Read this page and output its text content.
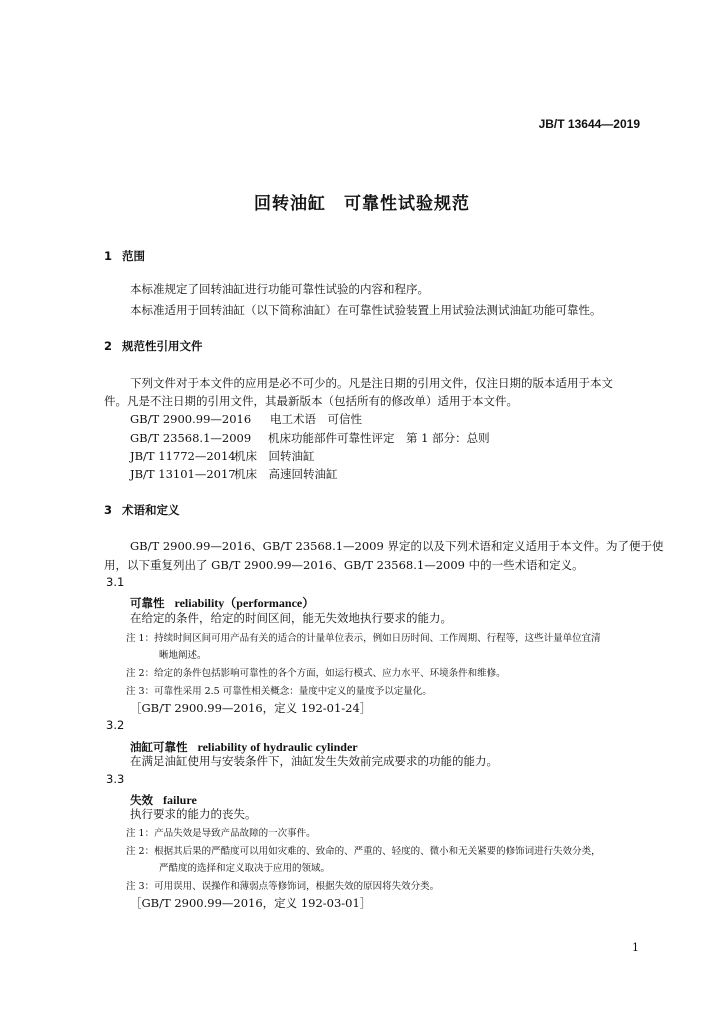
JB/T 13644—2019
回转油缸　可靠性试验规范
1 范围
本标准规定了回转油缸进行功能可靠性试验的内容和程序。
本标准适用于回转油缸（以下简称油缸）在可靠性试验装置上用试验法测试油缸功能可靠性。
2 规范性引用文件
下列文件对于本文件的应用是必不可少的。凡是注日期的引用文件，仅注日期的版本适用于本文
件。凡是不注日期的引用文件，其最新版本（包括所有的修改单）适用于本文件。
GB/T 2900.99—2016 电工术语　可信性
GB/T 23568.1—2009 机床功能部件可靠性评定　第 1 部分：总则
JB/T 11772—2014机床　回转油缸
JB/T 13101—2017机床　高速回转油缸
3 术语和定义
GB/T 2900.99—2016、GB/T 23568.1—2009 界定的以及下列术语和定义适用于本文件。为了便于使
用，以下重复列出了 GB/T 2900.99—2016、GB/T 23568.1—2009 中的一些术语和定义。
3.1
可靠性 reliability（performance）
在给定的条件，给定的时间区间，能无失效地执行要求的能力。
注 1：持续时间区间可用产品有关的适合的计量单位表示，例如日历时间、工作周期、行程等，这些计量单位宜清
晰地阐述。
注 2：给定的条件包括影响可靠性的各个方面，如运行模式、应力水平、环境条件和维修。
注 3：可靠性采用 2.5 可靠性相关概念：量度中定义的量度予以定量化。
［GB/T 2900.99—2016，定义 192-01-24］
3.2
油缸可靠性 reliability of hydraulic cylinder
在满足油缸使用与安装条件下，油缸发生失效前完成要求的功能的能力。
3.3
失效 failure
执行要求的能力的丧失。
注 1：产品失效是导致产品故障的一次事件。
注 2：根据其后果的严酷度可以用如灾难的、致命的、严重的、轻度的、微小和无关紧要的修饰词进行失效分类，
严酷度的选择和定义取决于应用的领域。
注 3：可用误用、误操作和薄弱点等修饰词，根据失效的原因将失效分类。
［GB/T 2900.99—2016，定义 192-03-01］
1
